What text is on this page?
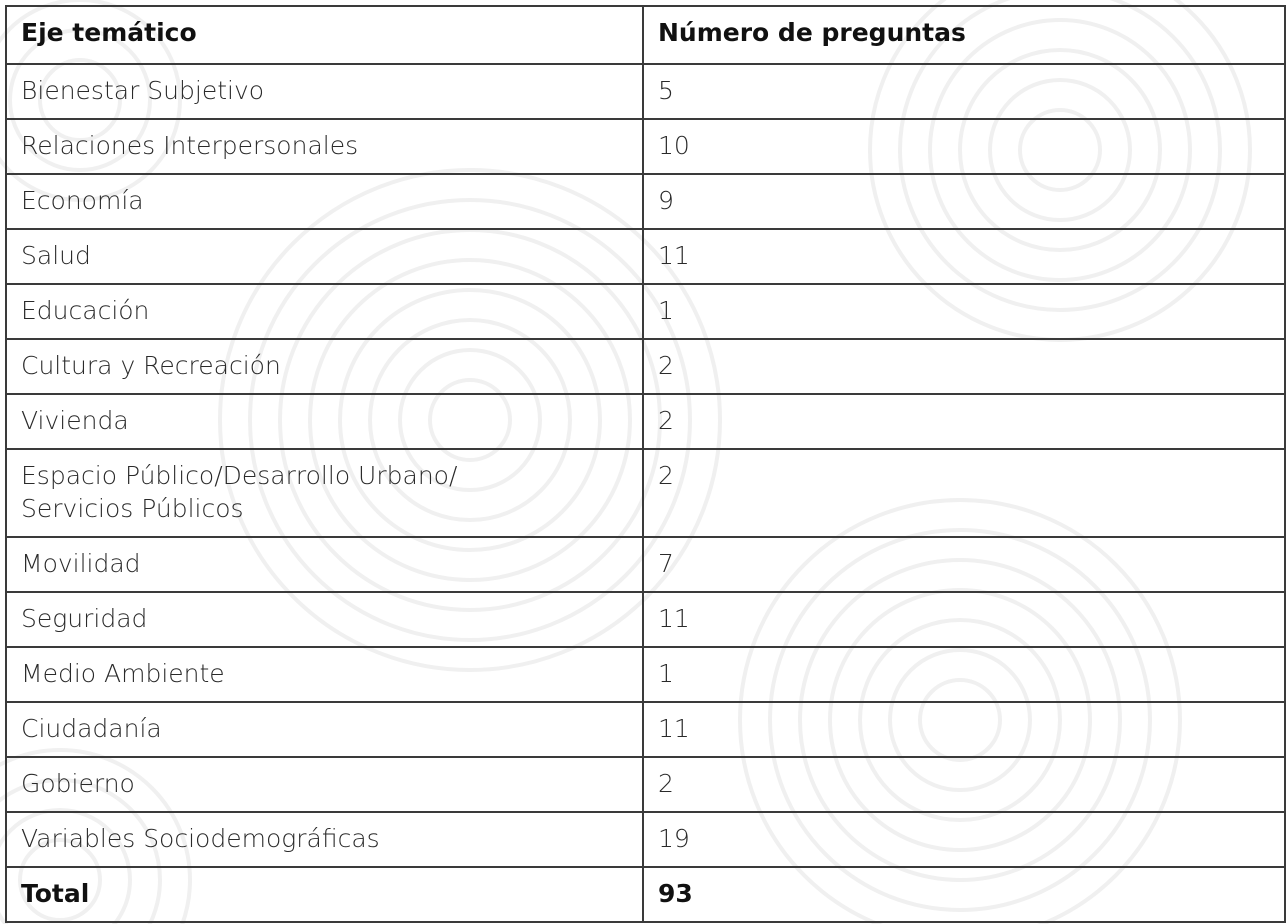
Eje temático	Número de preguntas
Bienestar Subjetivo	5
Relaciones Interpersonales	10
Economía	9
Salud	11
Educación	1
Cultura y Recreación	2
Vivienda	2
Espacio Público/Desarrollo Urbano/
Servicios Públicos	2
Movilidad	7
Seguridad	11
Medio Ambiente	1
Ciudadanía	11
Gobierno	2
Variables Sociodemográficas	19
Total	93
